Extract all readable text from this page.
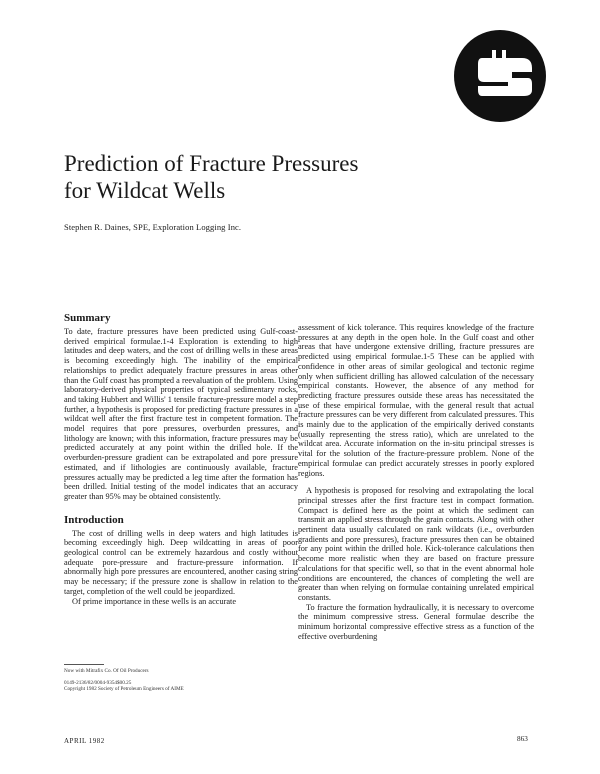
Prediction of Fracture Pressures
for Wildcat Wells
Stephen R. Daines, SPE, Exploration Logging Inc.
Summary

To date, fracture pressures have been predicted using Gulf-coast-derived empirical formulae.1-4 Exploration is extending to high latitudes and deep waters, and the cost of drilling wells in these areas is becoming exceedingly high. The inability of the empirical relationships to predict adequately fracture pressures in areas other than the Gulf coast has prompted a reevaluation of the problem. Using laboratory-derived physical properties of typical sedimentary rocks, and taking Hubbert and Willis' 1 tensile fracture-pressure model a step further, a hypothesis is proposed for predicting fracture pressures in a wildcat well after the first fracture test in competent formation. The model requires that pore pressures, overburden pressures, and lithology are known; with this information, fracture pressures may be predicted accurately at any point within the drilled hole. If the overburden-pressure gradient can be extrapolated and pore pressure estimated, and if lithologies are continuously available, fracture pressures actually may be predicted a leg time after the formation has been drilled. Initial testing of the model indicates that an accuracy greater than 95% may be obtained consistently.

Introduction

The cost of drilling wells in deep waters and high latitudes is becoming exceedingly high. Deep wildcatting in areas of poor geological control can be extremely hazardous and costly without adequate pore-pressure and fracture-pressure information. If abnormally high pore pressures are encountered, another casing string may be necessary; if the pressure zone is shallow in relation to the target, completion of the well could be jeopardized.

Of prime importance in these wells is an accurate

assessment of kick tolerance. This requires knowledge of the fracture pressures at any depth in the open hole. In the Gulf coast and other areas that have undergone extensive drilling, fracture pressures are predicted using empirical formulae.1-5 These can be applied with confidence in other areas of similar geological and tectonic regime only when sufficient drilling has allowed calculation of the necessary empirical constants. However, the absence of any method for predicting fracture pressures outside these areas has necessitated the use of these empirical formulae, with the general result that actual fracture pressures can be very different from calculated pressures. This is mainly due to the application of the empirically derived constants (usually representing the stress ratio), which are unrelated to the wildcat area. Accurate information on the in-situ principal stresses is vital for the solution of the fracture-pressure problem. None of the empirical formulae can predict accurately stresses in poorly explored regions.

A hypothesis is proposed for resolving and extrapolating the local principal stresses after the first fracture test in compact formation. Compact is defined here as the point at which the sediment can transmit an applied stress through the grain contacts. Along with other pertinent data usually calculated on rank wildcats (i.e., overburden gradients and pore pressures), fracture pressures then can be obtained for any point within the drilled hole. Kick-tolerance calculations then become more realistic when they are based on fracture pressure calculations for that specific well, so that in the event abnormal hole conditions are encountered, the chances of completing the well are greater than when relying on formulae containing unrelated empirical constants.

To fracture the formation hydraulically, it is necessary to overcome the minimum compressive stress. General formulae describe the minimum horizontal compressive effective stress as a function of the effective overburdening

Now with Mitrafix Co. Of Oil Producers
0149-2136/82/0004-9354$00.25
Copyright 1982 Society of Petroleum Engineers of AIME
APRIL 1982	863
